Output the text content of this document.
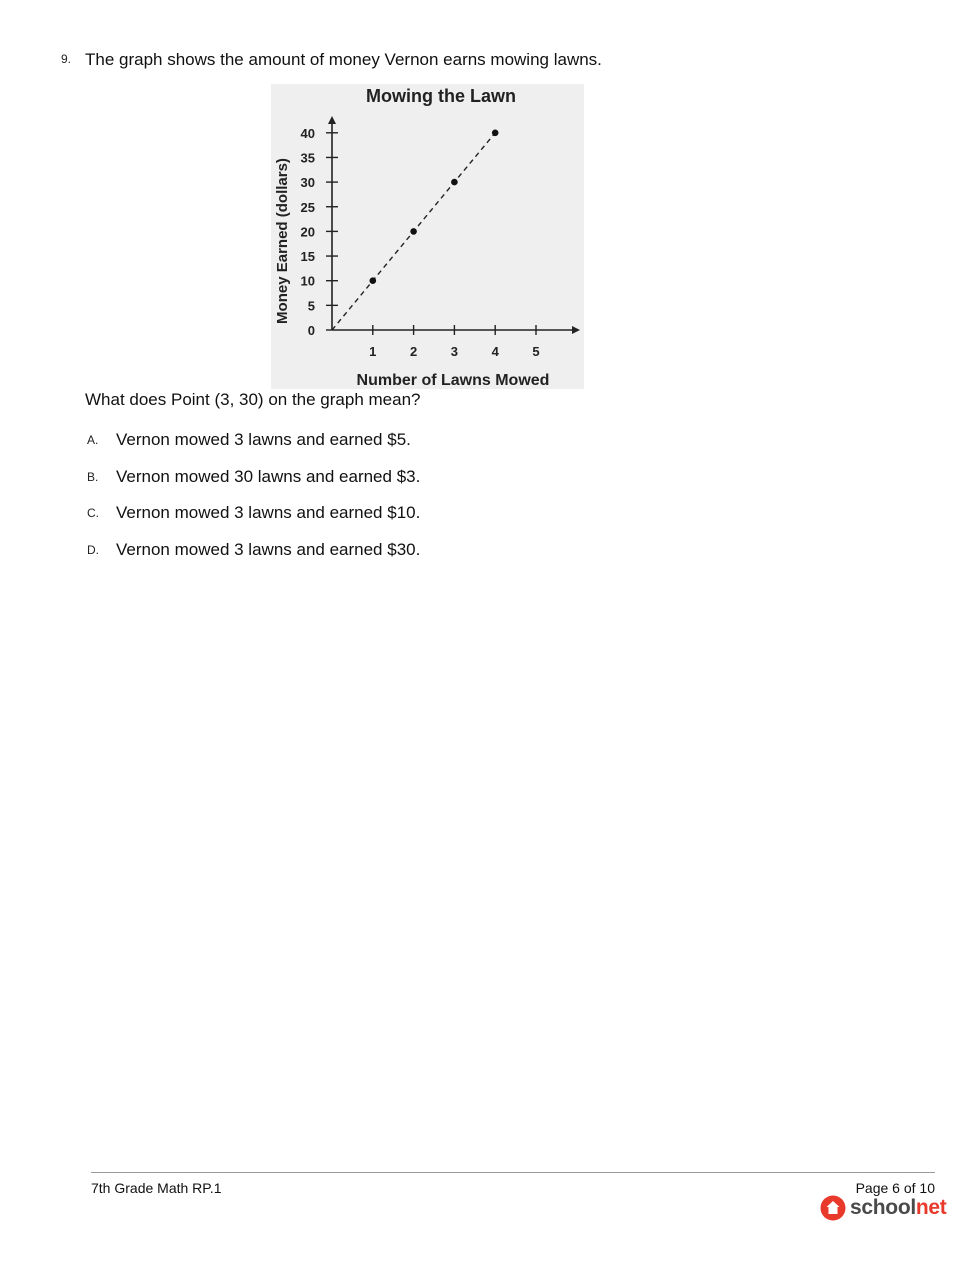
9. The graph shows the amount of money Vernon earns mowing lawns.
Mowing the Lawn
Money Earned (dollars)
Number of Lawns Mowed
1	2	3	4	5
0
5
10
15
20
25
30
35
40
What does Point (3, 30) on the graph mean?
A. Vernon mowed 3 lawns and earned $5.
B. Vernon mowed 30 lawns and earned $3.
C. Vernon mowed 3 lawns and earned $10.
D. Vernon mowed 3 lawns and earned $30.
7th Grade Math RP.1	Page 6 of 10
schoolnet
